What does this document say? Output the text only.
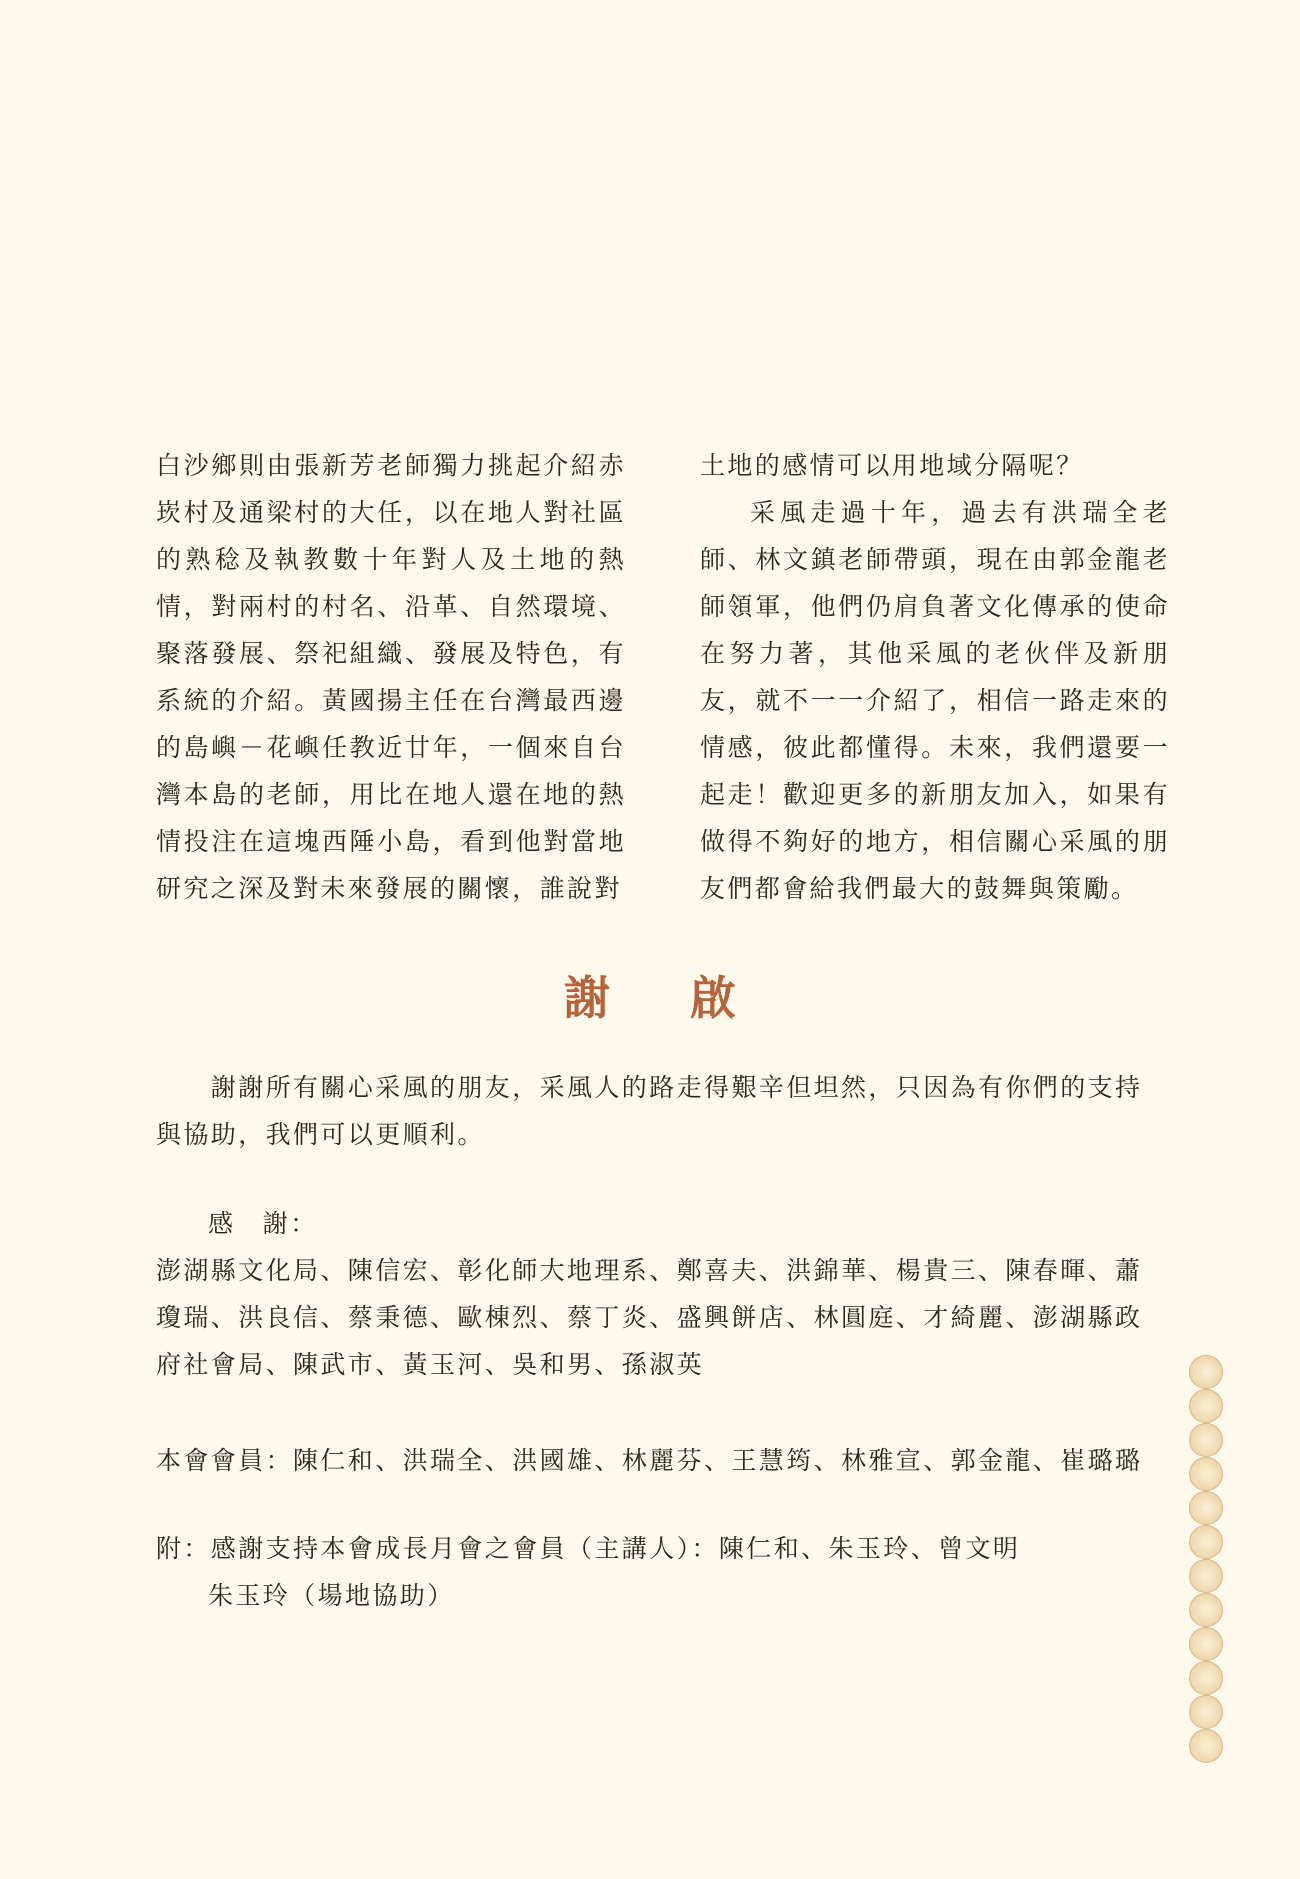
白沙鄉則由張新芳老師獨力挑起介紹赤崁村及通梁村的大任，以在地人對社區的熟稔及執教數十年對人及土地的熱情，對兩村的村名、沿革、自然環境、聚落發展、祭祀組織、發展及特色，有系統的介紹。黃國揚主任在台灣最西邊的島嶼－花嶼任教近廿年，一個來自台灣本島的老師，用比在地人還在地的熱情投注在這塊西陲小島，看到他對當地研究之深及對未來發展的關懷，誰說對

土地的感情可以用地域分隔呢？

采風走過十年，過去有洪瑞全老師、林文鎮老師帶頭，現在由郭金龍老師領軍，他們仍肩負著文化傳承的使命在努力著，其他采風的老伙伴及新朋友，就不一一介紹了，相信一路走來的情感，彼此都懂得。未來，我們還要一起走！歡迎更多的新朋友加入，如果有做得不夠好的地方，相信關心采風的朋友們都會給我們最大的鼓舞與策勵。

謝啟

　　謝謝所有關心采風的朋友，采風人的路走得艱辛但坦然，只因為有你們的支持與協助，我們可以更順利。

感　謝：

澎湖縣文化局、陳信宏、彰化師大地理系、鄭喜夫、洪錦華、楊貴三、陳春暉、蕭瓊瑞、洪良信、蔡秉德、歐棟烈、蔡丁炎、盛興餅店、林圓庭、才綺麗、澎湖縣政府社會局、陳武市、黃玉河、吳和男、孫淑英

本會會員：陳仁和、洪瑞全、洪國雄、林麗芬、王慧筠、林雅宣、郭金龍、崔璐璐

附：感謝支持本會成長月會之會員（主講人）：陳仁和、朱玉玲、曾文明

朱玉玲（場地協助）
